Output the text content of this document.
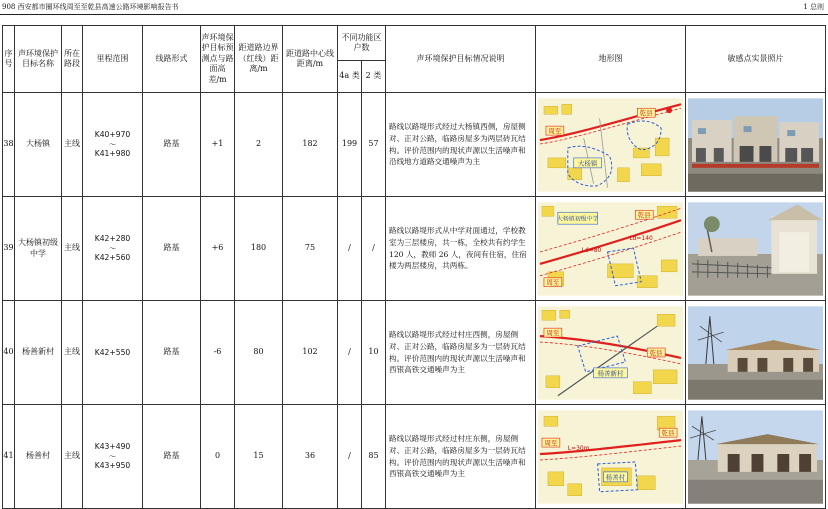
908 西安都市圈环线周至至乾县高速公路环境影响报告书	1 总则
序号	声环境保护目标名称	所在路段	里程范围	线路形式	声环境保护目标预测点与路面高差/m	距道路边界（红线）距离/m	距道路中心线距离/m	不同功能区户数		声环境保护目标情况说明	地形图	敏感点实景照片
								4a 类	2 类			
38	大杨镇	主线	K40+970
～
K41+980	路基	+1	2	182	199	57	路线以路堤形式经过大杨镇西侧，房屋侧对、正对公路，临路房屋多为两层砖瓦结构。评价范围内的现状声源以生活噪声和沿线地方道路交通噪声为主	乾县
周至
大杨镇

39	大杨镇初级中学	主线	K42+280
～
K42+560	路基	+6	180	75	/	/	路线以路堤形式从中学对面通过，学校教室为三层楼房，共一栋，全校共有约学生 120 人，教师 26 人，夜间有住宿，住宿楼为两层楼房，共两栋。	大杨镇初级中学
周至
乾县
Ld=80
Ld=140

40	杨善新村	主线	K42+550	路基	-6	80	102	/	10	路线以路堤形式经过村庄西侧，房屋侧对、正对公路，临路房屋多为一层砖瓦结构。评价范围内的现状声源以生活噪声和西银高铁交通噪声为主	周至
乾县
杨善新村

41	杨善村	主线	K43+490
～
K43+950	路基	0	15	36	/	85	路线以路堤形式经过村庄东侧，房屋侧对、正对公路，临路房屋多为一层砖瓦结构。评价范围内的现状声源以生活噪声和西银高铁交通噪声为主	周至
乾县
杨善村
L=30m
